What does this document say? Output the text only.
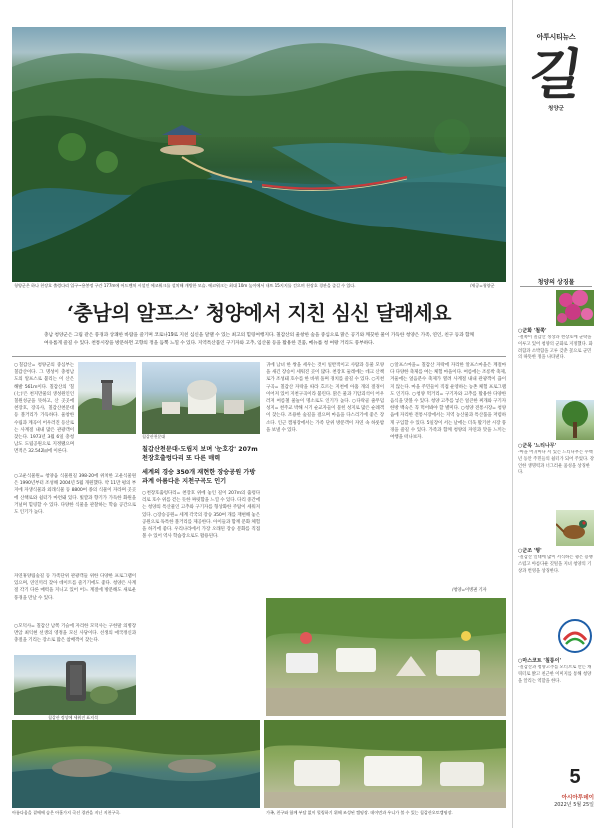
청양군은 하나 천장호 출렁다리 입구~용봉정 구간 177m에 어드벤처 시설인 에코워크를 설치해 개방한 모습. 에코워크는 최대 10m 높이에서 내뜨 15지지를 걷으며 천장호 경관을 즐길 수 있다.	/제공=청양군
‘충남의 알프스’ 청양에서 지친 심신 달래세요
충남 청양군은 그림 같은 풍경과 상쾌한 바람을 즐기며 코로나19로 지친 심신을 달랠 수 있는 최고의 힐링여행지다. 칠갑산의 울창한 숲을 중심으로 맑은 공기와 깨끗한 물이 가득한 청양은 가족, 연인, 친구 등과 함께 여유롭게 즐길 수 있다. 천통시장을 방문하면 고향의 정을 듬뿍 느낄 수 있다. 지역특산품인 구기자와 고추, 임산물 등을 활용한 진품, 메뉴를 청 여왕 거리도 풍부하다.
○칠갑산= 청양군의 중심부는 칠갑산이다. 그 명성이 충청남도의 알프스로 불리는 이 산은 해발 561m이다. 칠갑산의 '칠(七)'은 천지만물의 생성원인인 칠원성군을 뜻하고, 산 곳곳에 천장호, 장곡사, 칠갑산천문대 등 볼거리가 가득하다. 울창한 수림과 계곡이 어우러진 등산로는 사계절 내내 많은 관광객이 찾는다. 1973년 3월 6일 충청남도 도립공원으로 지정됐으며 면적은 32.542㎢에 이른다.
○고운식물원= 청양읍 식물원길 398-20에 위치한 고운식물원은 1990년부터 조성해 2004년 5월 개원했다. 약 11만 평의 부지에 자생식물과 외래식물 등 8800여 종의 식물이 자라며 곳곳에 산책로와 쉼터가 마련돼 있다. 빛깔과 향기가 가득한 화원을 거닐며 힐링할 수 있다. 다양한 식물을 관찰하는 학습 공간으로도 인기가 높다.
자연휴양림숲길 등 가족단위 관광객들 위한 다양한 프로그램이 있으며, 연인끼리 찾아 데이트를 즐기기에도 좋다. 청양은 사계절 각기 다른 매력을 지니고 있어 어느 계절에 방문해도 새로운 풍경을 만날 수 있다.
○모덕사= 칠갑산 남쪽 기슭에 자리한 모덕사는 구한말 의병장 면암 최익현 선생의 영정을 모신 사당이다. 선생의 애국정신과 충절을 기리는 장소로 많은 참배객이 찾는다.
칠갑산 정상에 세워진 표지석
칠갑산천문대
칠갑산천문대·도립지 보며 '눈호강' 207m 천장호출렁다리 또 다른 매력
세계의 경승 350개 재현한 장승공원 가방과계 아름다운 지천구곡도 인기
○천장호출렁다리= 천장호 위에 놓인 길이 207m의 출렁다리로 호수 위를 걷는 듯한 짜릿함을 느낄 수 있다. 다리 중간에는 청양의 특산물인 고추와 구기자를 형상화한 주탑이 세워져 있다. ○장승공원= 세계 각국의 장승 350여 개를 재현해 놓은 공원으로 독특한 볼거리를 제공한다. 아이들과 함께 문화 체험을 하기에 좋다. 우리나라에서 가장 오래된 장승 문화를 직접 볼 수 있어 역사 학습장으로도 활용된다.
귀에 남녀 한 쌍을 세우는 것이 일반적이고 사람과 동물 모양을 새긴 장승이 세워진 곳이 많다. 천장호 둘레에는 데크 산책로가 조성돼 호수를 한 바퀴 돌며 경치를 즐길 수 있다. ○지천구곡= 칠갑산 자락을 따라 흐르는 지천에 아홉 개의 절경이 이어져 있어 지천구곡이라 불린다. 맑은 물과 기암괴석이 어우러져 여름철 물놀이 명소로도 인기가 높다. ○다락골 줄무덤 성지= 천주교 박해 시기 순교자들이 묻힌 성지로 많은 순례객이 찾는다. 조용한 숲길을 걸으며 마음을 다스리기에 좋은 장소다. 인근 캠핑장에서는 가족 단위 방문객이 자연 속 하룻밤을 보낼 수 있다.
○알프스마을= 칠갑산 자락에 자리한 알프스마을은 계절마다 다양한 축제를 여는 체험 마을이다. 여름에는 조롱박 축제, 겨울에는 얼음분수 축제가 열려 사계절 내내 관광객이 끊이지 않는다. 마을 주민들이 직접 운영하는 농촌 체험 프로그램도 인기다. ○청양 먹거리= 구기자와 고추를 활용한 다양한 음식을 맛볼 수 있다. 청양 고추를 넣은 얼큰한 찌개와 구기자 한방 백숙은 꼭 먹어봐야 할 별미다. ○청양 전통시장= 청양읍에 자리한 전통시장에서는 지역 농산물과 특산품을 저렴하게 구입할 수 있다. 5일장이 서는 날에는 더욱 활기찬 시장 풍경을 즐길 수 있다. 가족과 함께 청양의 자연과 맛을 느끼는 여행을 떠나보자.
/청양=이병권 기자
아름다움을 곁에에 숨은 아홉가지 곡선 경관을 지닌 지천구곡.	가족, 친구와 함께 부담 없이 힐링하기 위해 조성된 캠핑장. 데이먼과 우니가 볼 수 있는 칠갑산오토캠핑장.
아투시티뉴스
길
청양군
청양의 상징물
○군화 '철쭉'
-철쭉이 칠갑산 정상과 천장호에 군락을 이루고 있어 청양의 군화로 지정했다. 화려함과 소박함을 고루 갖춘 꽃으로 군민의 따뜻한 정을 나타낸다.
○군목 '느티나무'
-마을 어귀마다 서 있는 느티나무는 수백 년 동안 주민들의 쉼터가 되어 주었다. 강인한 생명력과 너그러운 품성을 상징한다.
○군조 '꿩'
-칠갑산 일대에 많이 서식하는 꿩은 용맹스럽고 아름다운 깃털을 지녀 청양의 기상과 번영을 상징한다.
○마스코트 '칠롱이'
-칠갑산과 청양고추를 모티브로 만든 캐릭터로 밝고 친근한 이미지를 통해 청양을 알리는 역할을 한다.
5
아시아투데이
2022년 5월 25일
